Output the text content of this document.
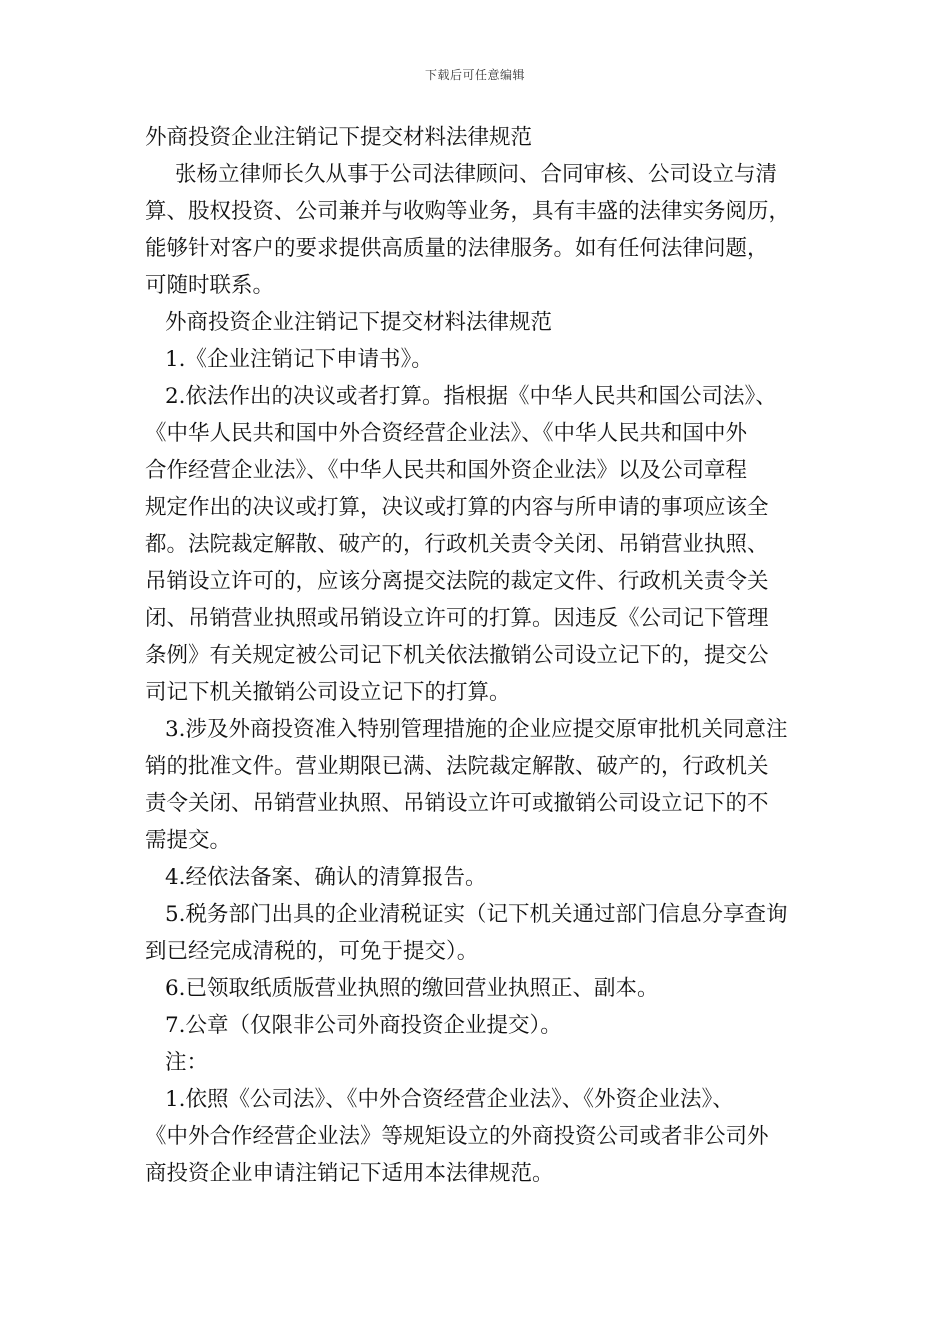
下载后可任意编辑
外商投资企业注销记下提交材料法律规范
张杨立律师长久从事于公司法律顾问、合同审核、公司设立与清
算、股权投资、公司兼并与收购等业务，具有丰盛的法律实务阅历，
能够针对客户的要求提供高质量的法律服务。如有任何法律问题，
可随时联系。
外商投资企业注销记下提交材料法律规范
1.《企业注销记下申请书》。
2.依法作出的决议或者打算。指根据《中华人民共和国公司法》、
《中华人民共和国中外合资经营企业法》、《中华人民共和国中外
合作经营企业法》、《中华人民共和国外资企业法》以及公司章程
规定作出的决议或打算，决议或打算的内容与所申请的事项应该全
都。法院裁定解散、破产的，行政机关责令关闭、吊销营业执照、
吊销设立许可的，应该分离提交法院的裁定文件、行政机关责令关
闭、吊销营业执照或吊销设立许可的打算。因违反《公司记下管理
条例》有关规定被公司记下机关依法撤销公司设立记下的，提交公
司记下机关撤销公司设立记下的打算。
3.涉及外商投资准入特别管理措施的企业应提交原审批机关同意注
销的批准文件。营业期限已满、法院裁定解散、破产的，行政机关
责令关闭、吊销营业执照、吊销设立许可或撤销公司设立记下的不
需提交。
4.经依法备案、确认的清算报告。
5.税务部门出具的企业清税证实（记下机关通过部门信息分享查询
到已经完成清税的，可免于提交）。
6.已领取纸质版营业执照的缴回营业执照正、副本。
7.公章（仅限非公司外商投资企业提交）。
注：
1.依照《公司法》、《中外合资经营企业法》、《外资企业法》、
《中外合作经营企业法》等规矩设立的外商投资公司或者非公司外
商投资企业申请注销记下适用本法律规范。
